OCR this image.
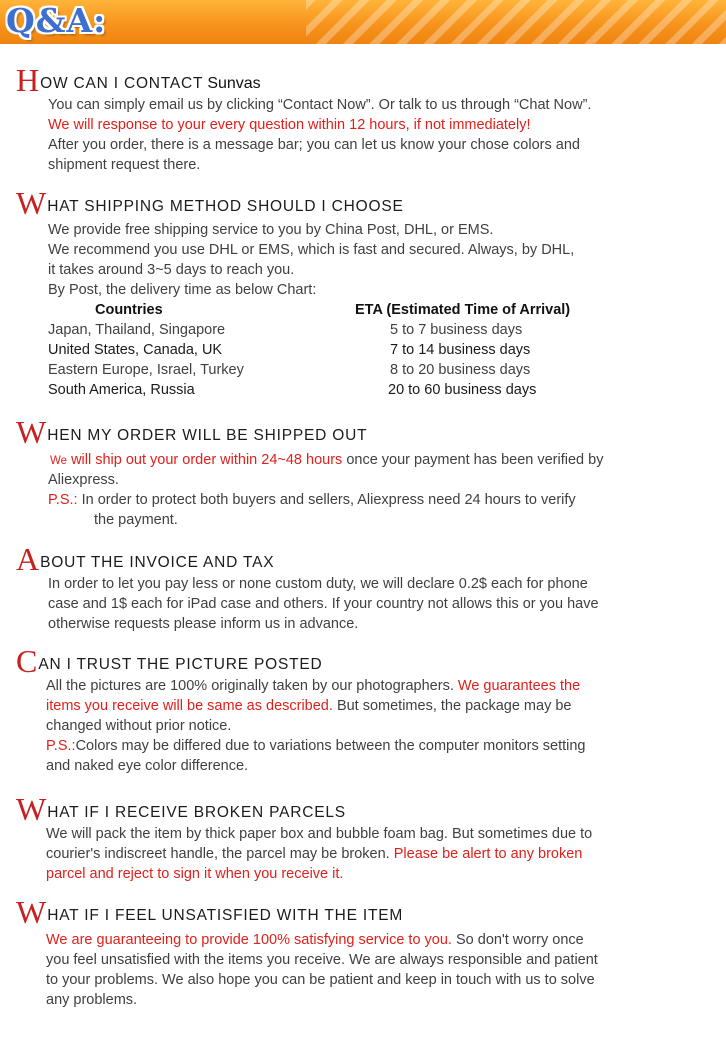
Q&A:
HOW CAN I CONTACT Sunvas
You can simply email us by clicking “Contact Now”. Or talk to us through “Chat Now”.
We will response to your every question within 12 hours, if not immediately!
After you order, there is a message bar; you can let us know your chose colors and
shipment request there.
WHAT SHIPPING METHOD SHOULD I CHOOSE
We provide free shipping service to you by China Post, DHL, or EMS.
We recommend you use DHL or EMS, which is fast and secured. Always, by DHL,
it takes around 3~5 days to reach you.
By Post, the delivery time as below Chart:
Countries	ETA (Estimated Time of Arrival)
Japan, Thailand, Singapore	5 to 7 business days
United States, Canada, UK	7 to 14 business days
Eastern Europe, Israel, Turkey	8 to 20 business days
South America, Russia	20 to 60 business days
WHEN MY ORDER WILL BE SHIPPED OUT
We will ship out your order within 24~48 hours once your payment has been verified by
Aliexpress.
P.S.: In order to protect both buyers and sellers, Aliexpress need 24 hours to verify
the payment.
ABOUT THE INVOICE AND TAX
In order to let you pay less or none custom duty, we will declare 0.2$ each for phone
case and 1$ each for iPad case and others. If your country not allows this or you have
otherwise requests please inform us in advance.
CAN I TRUST THE PICTURE POSTED
All the pictures are 100% originally taken by our photographers. We guarantees the
items you receive will be same as described. But sometimes, the package may be
changed without prior notice.
P.S.:Colors may be differed due to variations between the computer monitors setting
and naked eye color difference.
WHAT IF I RECEIVE BROKEN PARCELS
We will pack the item by thick paper box and bubble foam bag. But sometimes due to
courier's indiscreet handle, the parcel may be broken. Please be alert to any broken
parcel and reject to sign it when you receive it.
WHAT IF I FEEL UNSATISFIED WITH THE ITEM
We are guaranteeing to provide 100% satisfying service to you. So don't worry once
you feel unsatisfied with the items you receive. We are always responsible and patient
to your problems. We also hope you can be patient and keep in touch with us to solve
any problems.
